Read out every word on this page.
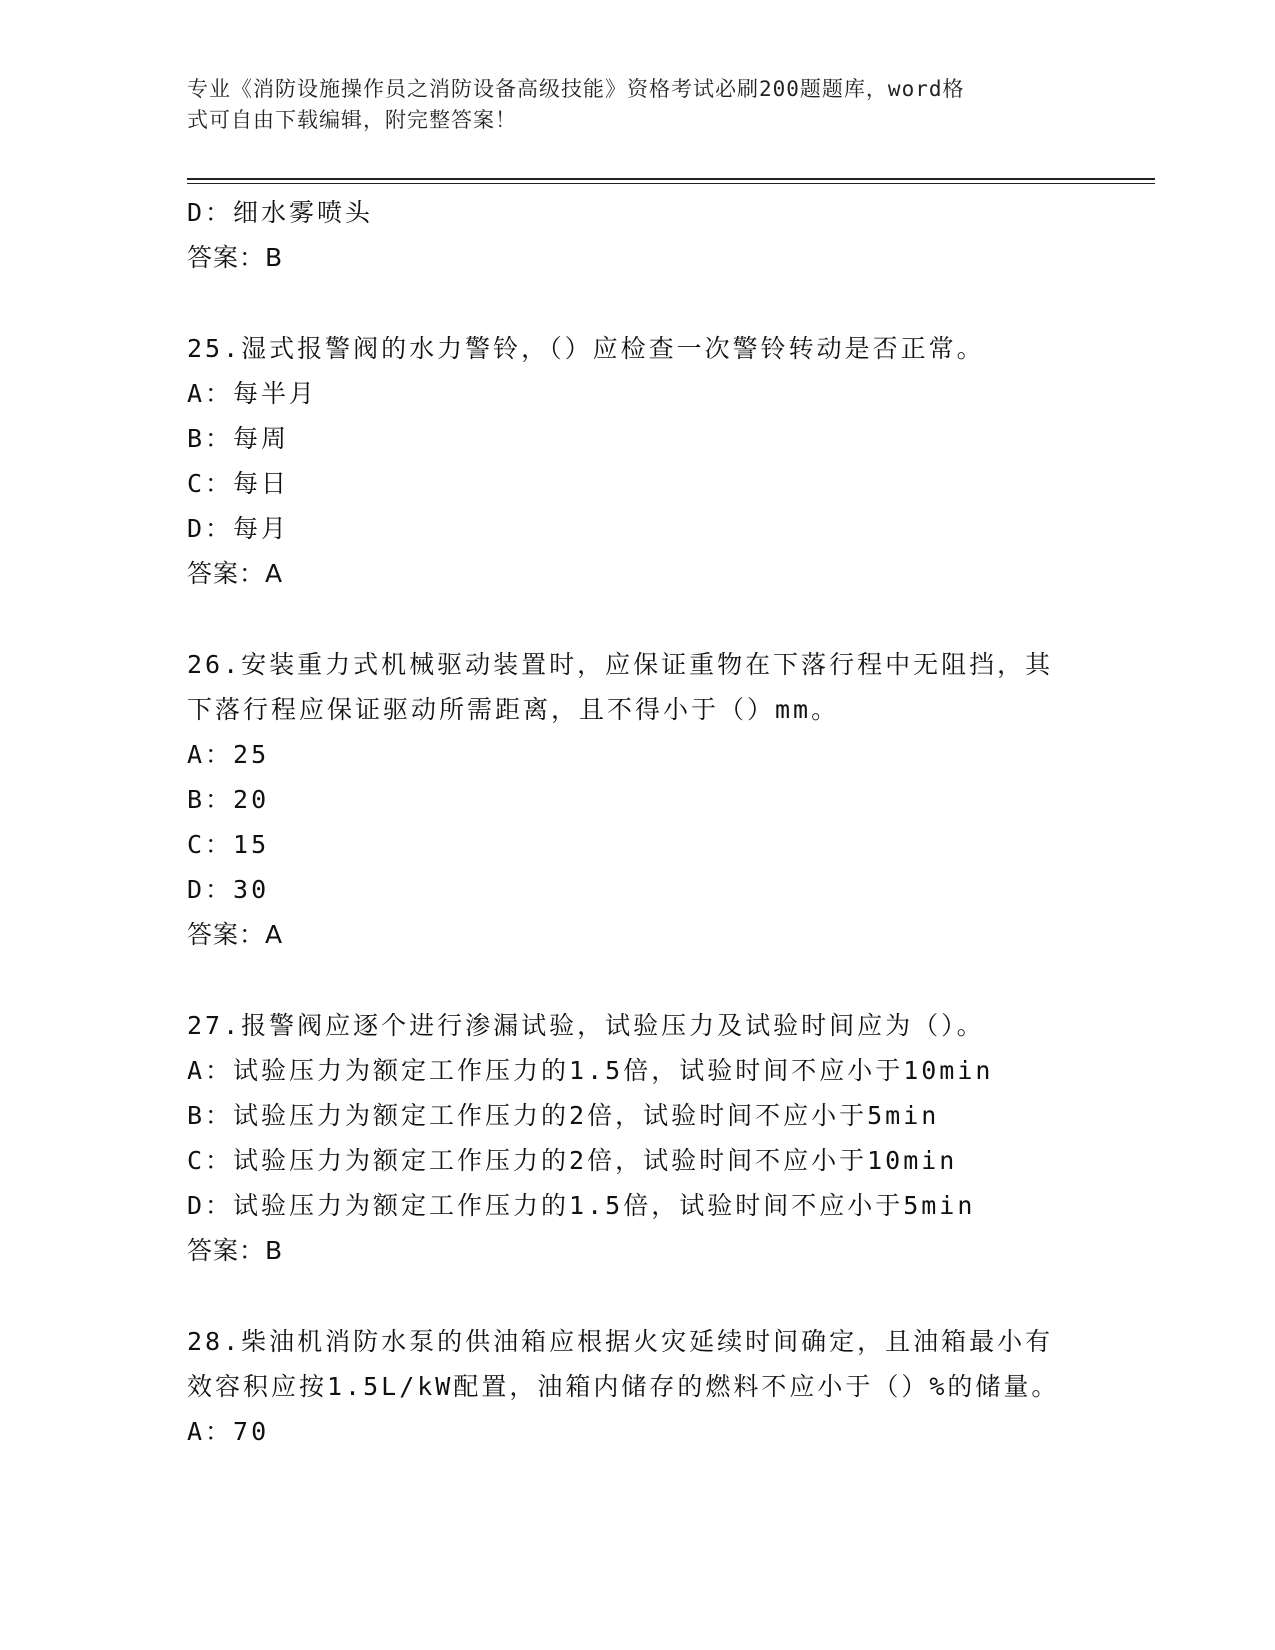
专业《消防设施操作员之消防设备高级技能》资格考试必刷200题题库，word格
式可自由下载编辑，附完整答案！
D：细水雾喷头
答案：B
25.湿式报警阀的水力警铃，（）应检查一次警铃转动是否正常。
A：每半月
B：每周
C：每日
D：每月
答案：A
26.安装重力式机械驱动装置时，应保证重物在下落行程中无阻挡，其
下落行程应保证驱动所需距离，且不得小于（）mm。
A：25
B：20
C：15
D：30
答案：A
27.报警阀应逐个进行渗漏试验，试验压力及试验时间应为（）。
A：试验压力为额定工作压力的1.5倍，试验时间不应小于10min
B：试验压力为额定工作压力的2倍，试验时间不应小于5min
C：试验压力为额定工作压力的2倍，试验时间不应小于10min
D：试验压力为额定工作压力的1.5倍，试验时间不应小于5min
答案：B
28.柴油机消防水泵的供油箱应根据火灾延续时间确定，且油箱最小有
效容积应按1.5L/kW配置，油箱内储存的燃料不应小于（）%的储量。
A：70
